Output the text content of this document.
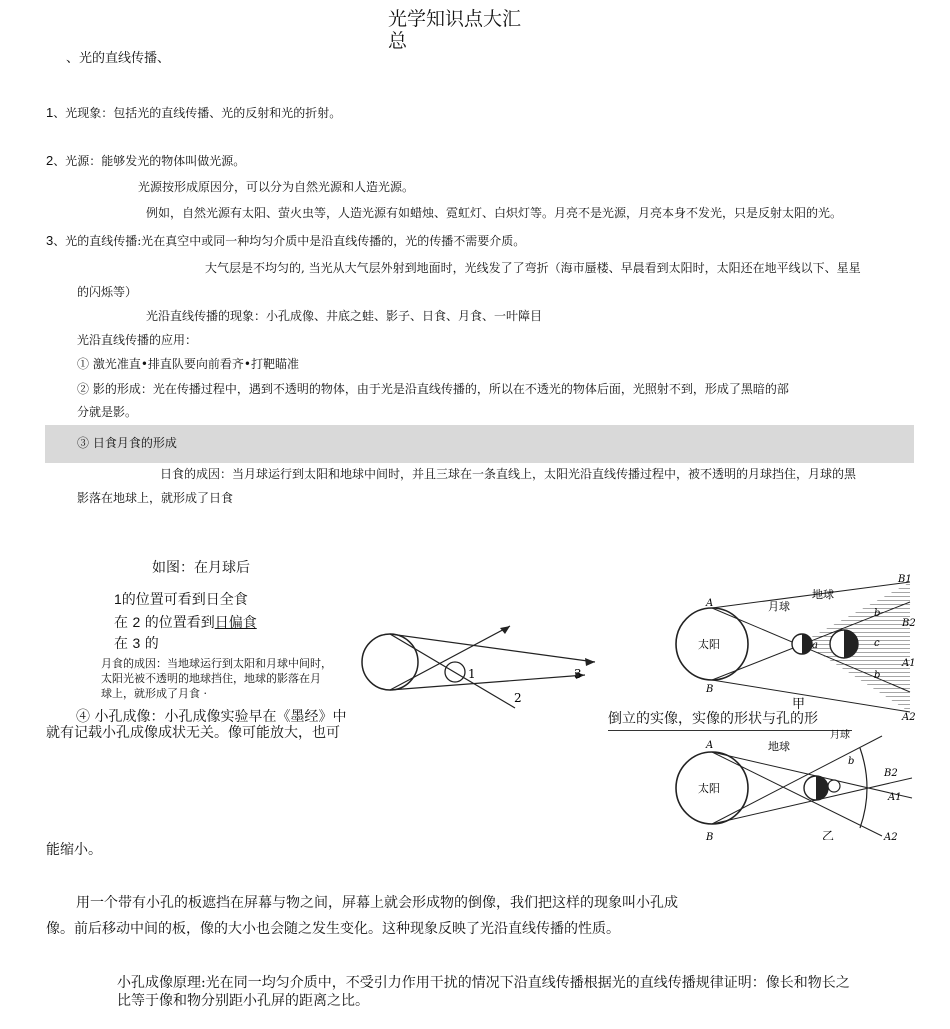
光学知识点大汇
总
、光的直线传播、
1、光现象：包括光的直线传播、光的反射和光的折射。
2、光源：能够发光的物体叫做光源。
光源按形成原因分，可以分为自然光源和人造光源。
例如，自然光源有太阳、萤火虫等，人造光源有如蜡烛、霓虹灯、白炽灯等。月亮不是光源，月亮本身不发光，只是反射太阳的光。
3、光的直线传播:光在真空中或同一种均匀介质中是沿直线传播的，光的传播不需要介质。
大气层是不均匀的, 当光从大气层外射到地面时，光线发了了弯折（海市蜃楼、早晨看到太阳时，太阳还在地平线以下、星星
的闪烁等）
光沿直线传播的现象：小孔成像、井底之蛙、影子、日食、月食、一叶障目
光沿直线传播的应用：
① 激光准直•排直队要向前看齐•打靶瞄准
② 影的形成：光在传播过程中，遇到不透明的物体，由于光是沿直线传播的，所以在不透光的物体后面，光照射不到，形成了黑暗的部
分就是影。
③ 日食月食的形成
日食的成因：当月球运行到太阳和地球中间时，并且三球在一条直线上，太阳光沿直线传播过程中，被不透明的月球挡住，月球的黑
影落在地球上，就形成了日食
如图：在月球后
1的位置可看到日全食
在 2 的位置看到日偏食
在 3 的
月食的成因：当地球运行到太阳和月球中间时，
太阳光被不透明的地球挡住，地球的影落在月
球上，就形成了月食 ·
④ 小孔成像：小孔成像实验早在《墨经》中
就有记载小孔成像成状无关。像可能放大，也可
倒立的实像，实像的形状与孔的形
能缩小。
用一个带有小孔的板遮挡在屏幕与物之间，屏幕上就会形成物的倒像，我们把这样的现象叫小孔成
像。前后移动中间的板，像的大小也会随之发生变化。这种现象反映了光沿直线传播的性质。
小孔成像原理:光在同一均匀介质中，不受引力作用干扰的情况下沿直线传播根据光的直线传播规律证明：像长和物长之
比等于像和物分别距小孔屏的距离之比。
1
2
3
太阳
月球
地球
A
B
B1
B2
A1
A2
a
b
c
b
甲
太阳
地球
月球
A
B
B2
A1
A2
b
乙
